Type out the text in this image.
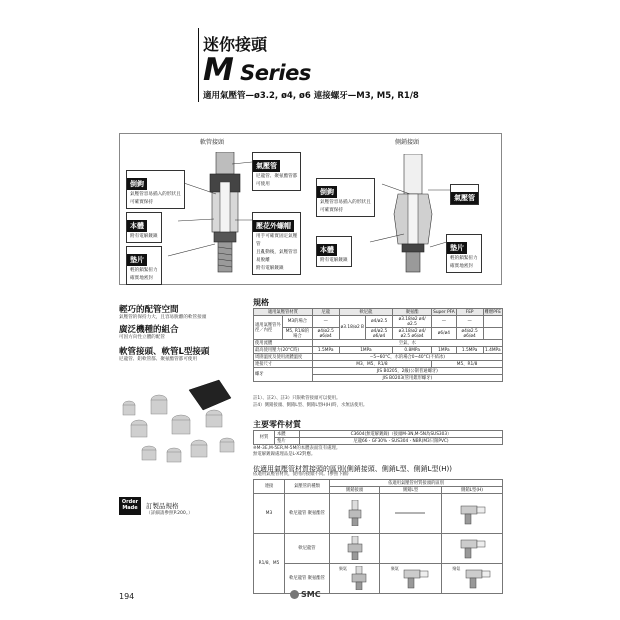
迷你接頭
M Series
適用氣壓管—ø3.2, ø4, ø6 連接螺牙—M3, M5, R1/8
軟管接頭	側銷接頭
倒鉤
氣壓管容易插入的形狀且
可確實保持
本體
附有電解鍍鎳
墊片
輕的鎖緊扭力
確實地密封
氣壓管
尼龍管、聚氨酯管都
可使用
壓花外螺帽
用手可確實固定氣壓
管
且亂動後，氣壓管容
易脫離
附有電解鍍鎳
倒鉤
氣壓管容易插入的形狀且
可確實保持
本體
附有電解鍍鎳
氣壓管
墊片
輕的鎖緊扭力
確實地密封
輕巧的配管空間
氣壓管的保持力大，且容易脫離的軟管接頭
廣泛機種的組合
可因方向性立體的配管
軟管接頭、軟管L型接頭
尼龍管、鋁軟管都、聚氨酯管都可使用
Order Made	訂製品規格
（詳細請參照P.200。）
規格
適用氣壓管材質		尼龍	軟尼龍		聚氨酯	Super PFA	FEP	難燃PFE
適用氣壓管外徑／內徑	M3的場合	—	ø3.18/ø2 B	ø4/ø2.5	ø3.18/ø2 ø4/ø2.5	—	—	
	M5, R1/8的場合	ø4/ø2.5 ø6/ø4		ø4/ø2.5 ø6/ø4	ø3.18/ø2 ø4/ø2.5 ø6/ø4	ø6/ø4	ø4/ø2.5 ø6/ø4	
使用流體		空氣、水						
最高使用壓力(20°C時)		1.5MPa	1MPa		0.8MPa	1MPa	1.5MPa	1.4MPa
周圍溫度及使用流體溫度		−5~60°C，水的場合0~40°C(不結冰)						
連接尺寸		M3、M5、R1/8				M5、R1/8		
螺牙		JIS B0205，2級(公制普通螺牙)						
		JIS B0203(管用錐形螺牙)						
註1）、註2）、註3）只限軟管接頭可以使用。
註4）側銷接頭、側銷L型、側銷L型H(H)時，水無法使用。
主要零件材質
材質	本體	C3604(無電解鍍鎳)（接頭M-3N,M-5N為SUS303）
	墊片	尼龍66・GF30%・SUS304・NBR(M3只限PVC)
※M-3E,M-5ER,M-5M的本體表面沒有處理。
無電解鍍鎳處理品是L-X2對應。
依適用氣壓管材質接頭的區別(側銷接頭、側銷L型、側銷L型(H))
依適用氣壓管材質，使用的接頭不同。(參照下圖)
連接	氣壓管的種類	依適用氣壓管材質接頭的區別		
		側銷接頭	側銷L型	側銷L型(H)
M3	軟尼龍管 聚氨酯管			
R1/8、M5	軟尼龍管			
	軟尼龍管 聚氨酯管	聚氨	聚氨	聚氨
194	SMC
